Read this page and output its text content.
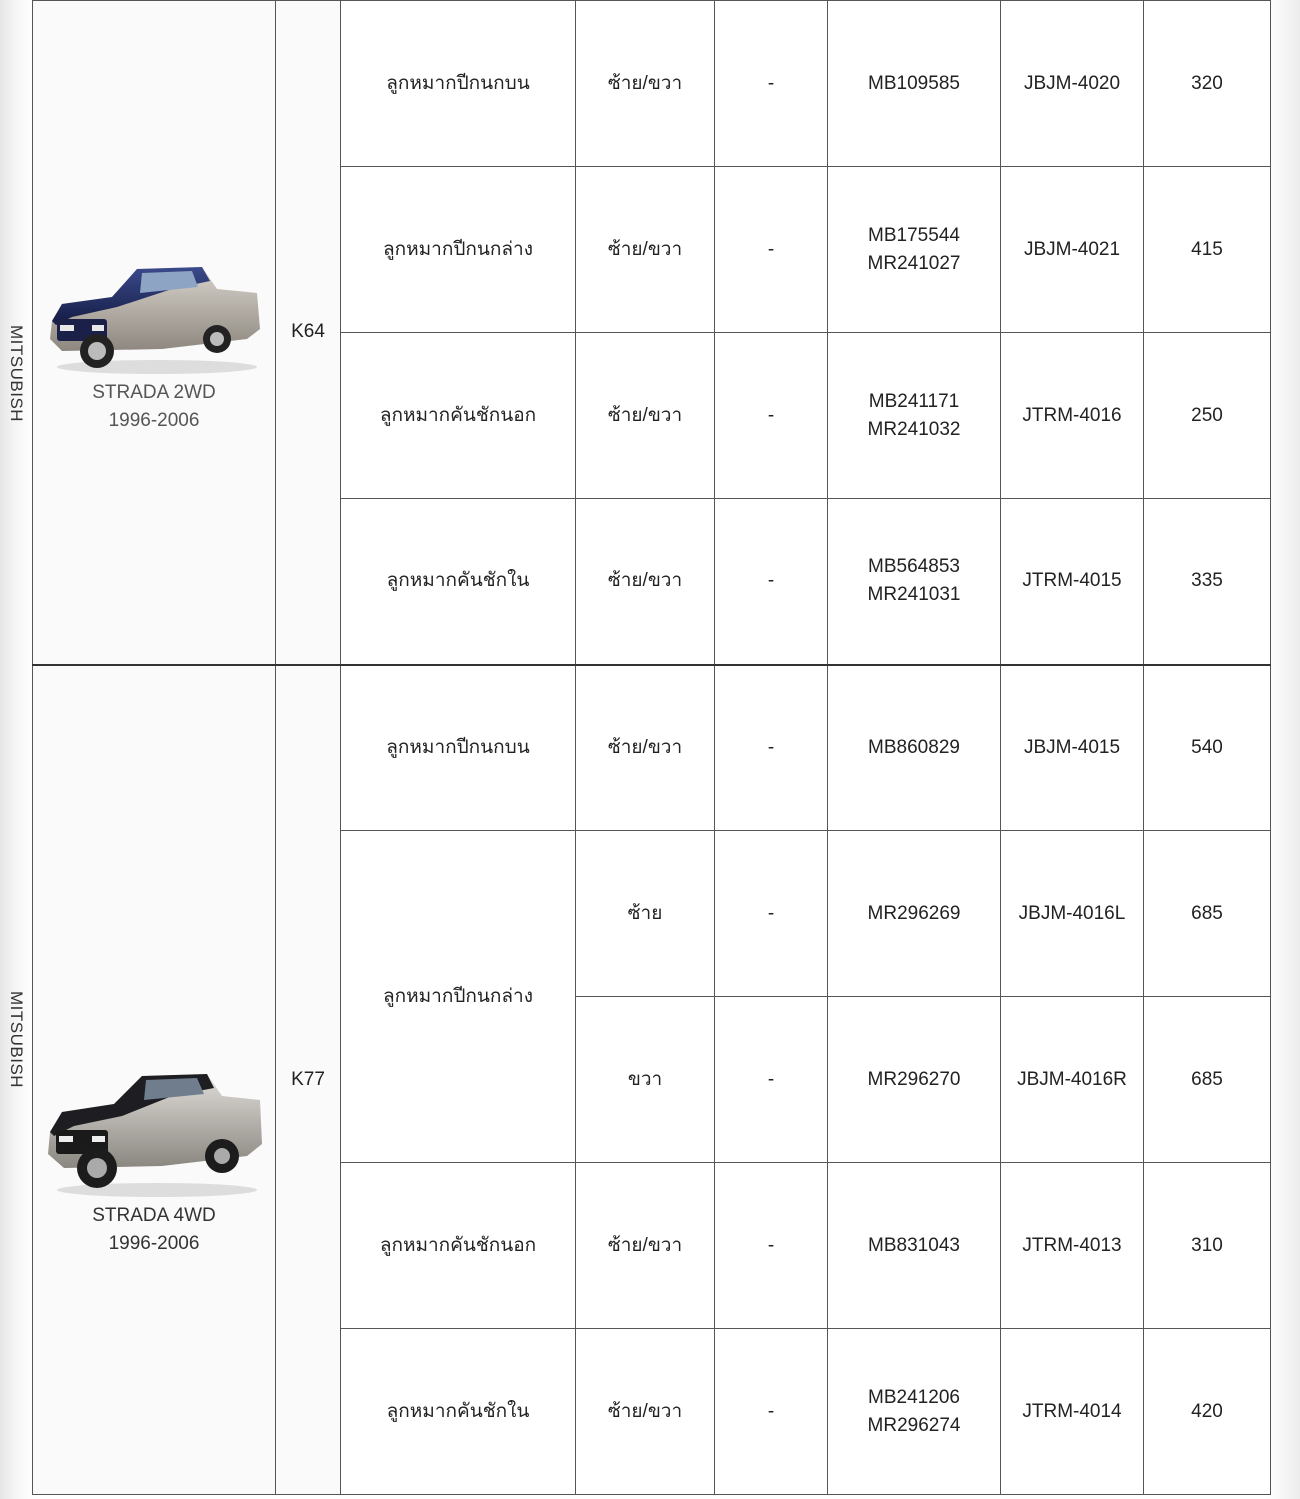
MITSUBISH
MITSUBISH
STRADA 2WD
1996-2006	K64	ลูกหมากปีกนกบน	ซ้าย/ขวา	-	MB109585	JBJM-4020	320
		ลูกหมากปีกนกล่าง	ซ้าย/ขวา	-	MB175544
MR241027	JBJM-4021	415
		ลูกหมากคันชักนอก	ซ้าย/ขวา	-	MB241171
MR241032	JTRM-4016	250
		ลูกหมากคันชักใน	ซ้าย/ขวา	-	MB564853
MR241031	JTRM-4015	335

STRADA 4WD
1996-2006	K77	ลูกหมากปีกนกบน	ซ้าย/ขวา	-	MB860829	JBJM-4015	540
		ลูกหมากปีกนกล่าง	ซ้าย	-	MR296269	JBJM-4016L	685
			ขวา	-	MR296270	JBJM-4016R	685
		ลูกหมากคันชักนอก	ซ้าย/ขวา	-	MB831043	JTRM-4013	310
		ลูกหมากคันชักใน	ซ้าย/ขวา	-	MB241206
MR296274	JTRM-4014	420
